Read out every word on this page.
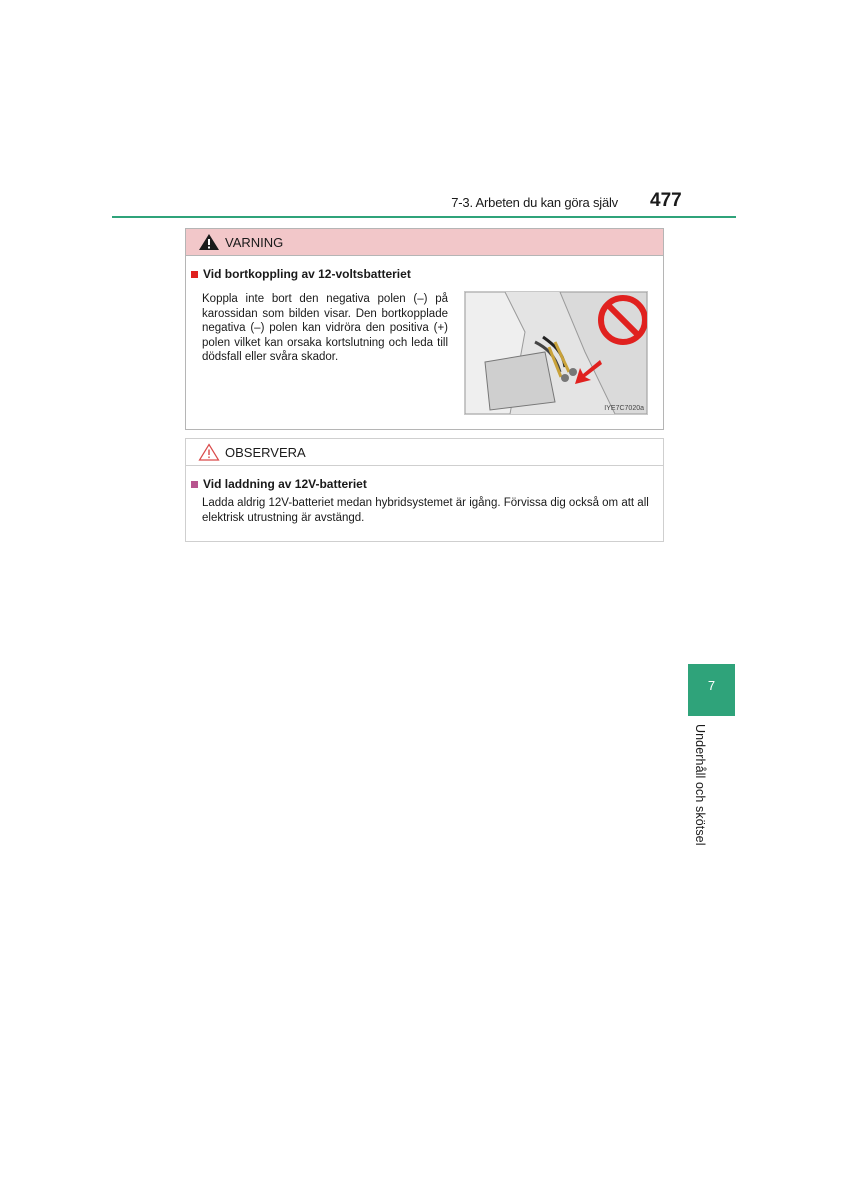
7-3. Arbeten du kan göra själv 477
VARNING
Vid bortkoppling av 12-voltsbatteriet
Koppla inte bort den negativa polen (–) på karossidan som bilden visar. Den bortkopplade negativa (–) polen kan vidröra den positiva (+) polen vilket kan orsaka kortslutning och leda till dödsfall eller svåra skador.
IYE7C7020a
OBSERVERA
Vid laddning av 12V-batteriet
Ladda aldrig 12V-batteriet medan hybridsystemet är igång. Förvissa dig också om att all elektrisk utrustning är avstängd.
7
Underhåll och skötsel
